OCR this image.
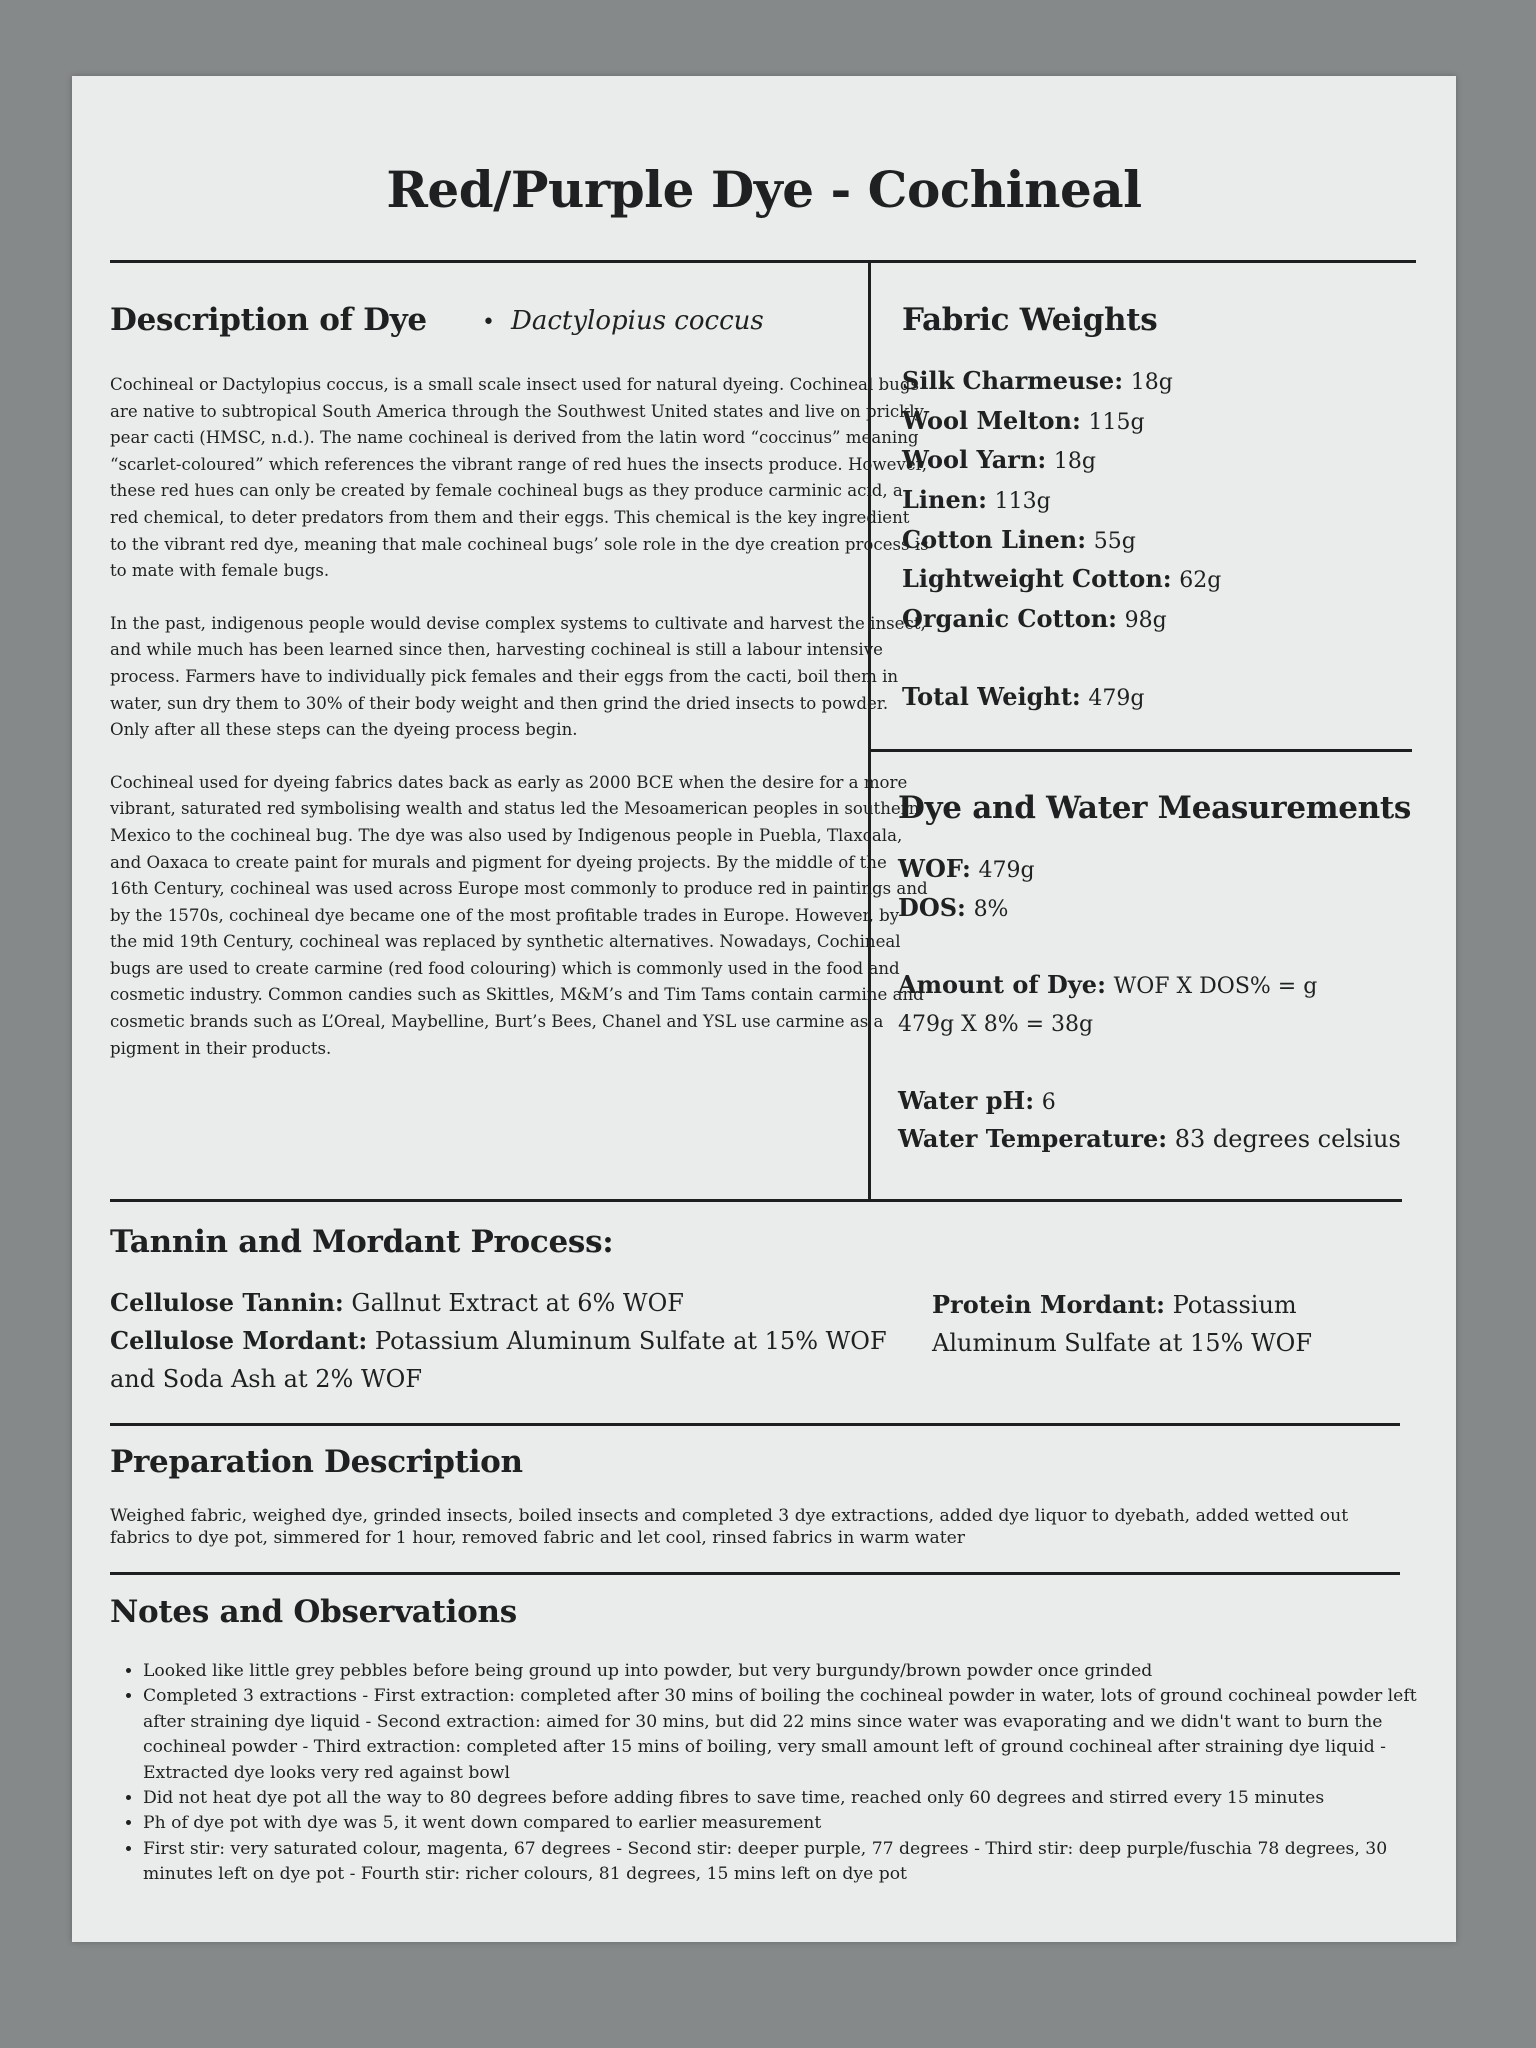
Red/Purple Dye - Cochineal
Description of Dye	• Dactylopius coccus

Cochineal or Dactylopius coccus, is a small scale insect used for natural dyeing. Cochineal bugs are native to subtropical South America through the Southwest United states and live on prickly pear cacti (HMSC, n.d.). The name cochineal is derived from the latin word “coccinus” meaning “scarlet-coloured” which references the vibrant range of red hues the insects produce. However, these red hues can only be created by female cochineal bugs as they produce carminic acid, a red chemical, to deter predators from them and their eggs. This chemical is the key ingredient to the vibrant red dye, meaning that male cochineal bugs’ sole role in the dye creation process is to mate with female bugs.

In the past, indigenous people would devise complex systems to cultivate and harvest the insect, and while much has been learned since then, harvesting cochineal is still a labour intensive process. Farmers have to individually pick females and their eggs from the cacti, boil them in water, sun dry them to 30% of their body weight and then grind the dried insects to powder. Only after all these steps can the dyeing process begin.

Cochineal used for dyeing fabrics dates back as early as 2000 BCE when the desire for a more vibrant, saturated red symbolising wealth and status led the Mesoamerican peoples in southern Mexico to the cochineal bug. The dye was also used by Indigenous people in Puebla, Tlaxcala, and Oaxaca to create paint for murals and pigment for dyeing projects. By the middle of the 16th Century, cochineal was used across Europe most commonly to produce red in paintings and by the 1570s, cochineal dye became one of the most profitable trades in Europe. However, by the mid 19th Century, cochineal was replaced by synthetic alternatives. Nowadays, Cochineal bugs are used to create carmine (red food colouring) which is commonly used in the food and cosmetic industry. Common candies such as Skittles, M&M’s and Tim Tams contain carmine and cosmetic brands such as L’Oreal, Maybelline, Burt’s Bees, Chanel and YSL use carmine as a pigment in their products.

Fabric Weights
Silk Charmeuse: 18g
Wool Melton: 115g
Wool Yarn: 18g
Linen: 113g
Cotton Linen: 55g
Lightweight Cotton: 62g
Organic Cotton: 98g
Total Weight: 479g
Dye and Water Measurements
WOF: 479g
DOS: 8%
Amount of Dye: WOF X DOS% = g
479g X 8% = 38g
Water pH: 6
Water Temperature: 83 degrees celsius
Tannin and Mordant Process:
Cellulose Tannin: Gallnut Extract at 6% WOF
Cellulose Mordant: Potassium Aluminum Sulfate at 15% WOF and Soda Ash at 2% WOF
Protein Mordant: Potassium Aluminum Sulfate at 15% WOF
Preparation Description
Weighed fabric, weighed dye, grinded insects, boiled insects and completed 3 dye extractions, added dye liquor to dyebath, added wetted out fabrics to dye pot, simmered for 1 hour, removed fabric and let cool, rinsed fabrics in warm water
Notes and Observations
• Looked like little grey pebbles before being ground up into powder, but very burgundy/brown powder once grinded
• Completed 3 extractions - First extraction: completed after 30 mins of boiling the cochineal powder in water, lots of ground cochineal powder left after straining dye liquid - Second extraction: aimed for 30 mins, but did 22 mins since water was evaporating and we didn't want to burn the cochineal powder - Third extraction: completed after 15 mins of boiling, very small amount left of ground cochineal after straining dye liquid - Extracted dye looks very red against bowl
• Did not heat dye pot all the way to 80 degrees before adding fibres to save time, reached only 60 degrees and stirred every 15 minutes
• Ph of dye pot with dye was 5, it went down compared to earlier measurement
• First stir: very saturated colour, magenta, 67 degrees - Second stir: deeper purple, 77 degrees - Third stir: deep purple/fuschia 78 degrees, 30 minutes left on dye pot - Fourth stir: richer colours, 81 degrees, 15 mins left on dye pot
